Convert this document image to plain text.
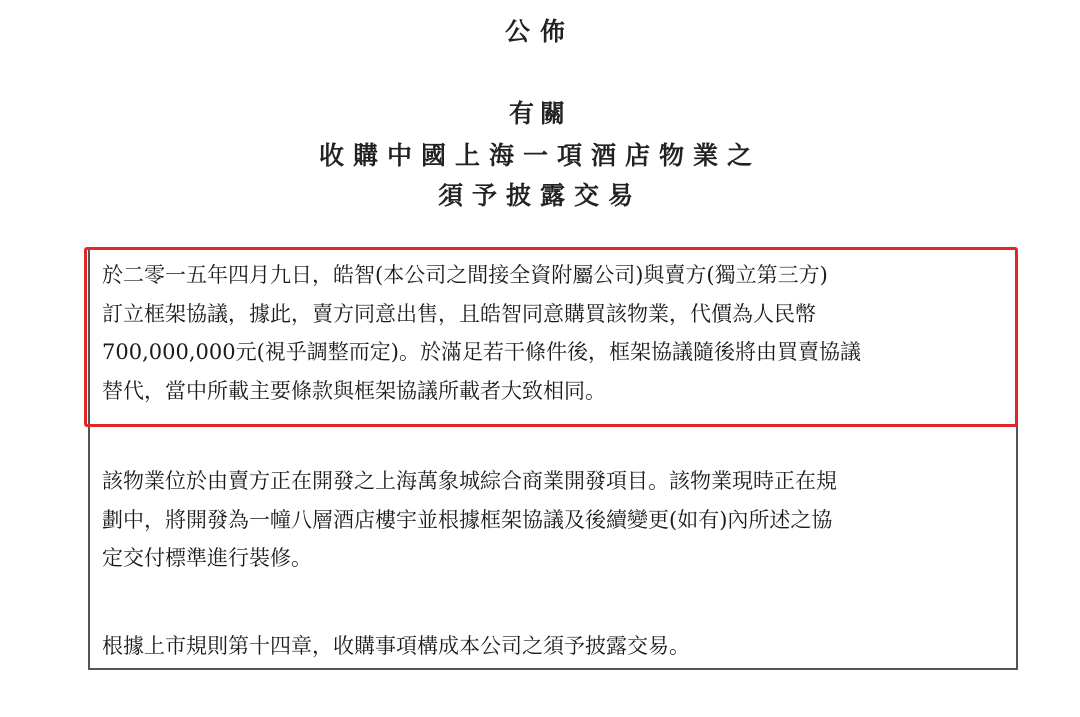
公佈
有關
收購中國上海一項酒店物業之
須予披露交易
於二零一五年四月九日，皓智(本公司之間接全資附屬公司)與賣方(獨立第三方)
訂立框架協議，據此，賣方同意出售，且皓智同意購買該物業，代價為人民幣
700,000,000元(視乎調整而定)。於滿足若干條件後，框架協議隨後將由買賣協議
替代，當中所載主要條款與框架協議所載者大致相同。
該物業位於由賣方正在開發之上海萬象城綜合商業開發項目。該物業現時正在規
劃中，將開發為一幢八層酒店樓宇並根據框架協議及後續變更(如有)內所述之協
定交付標準進行裝修。
根據上市規則第十四章，收購事項構成本公司之須予披露交易。
